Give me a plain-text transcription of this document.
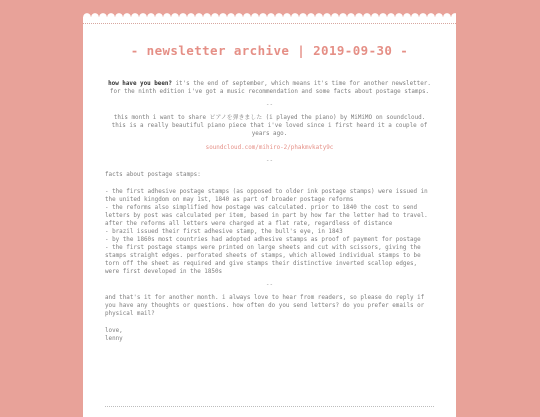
- newsletter archive | 2019-09-30 -

how have you been? it's the end of september, which means it's time for another newsletter. for the ninth edition i've got a music recommendation and some facts about postage stamps.

--

this month i want to share ピアノを弾きました (i played the piano) by MiMiMO on soundcloud. this is a really beautiful piano piece that i've loved since i first heard it a couple of years ago.

soundcloud.com/mihiro-2/phakmvkaty9c

--

facts about postage stamps:

- the first adhesive postage stamps (as opposed to older ink postage stamps) were issued in the united kingdom on may 1st, 1840 as part of broader postage reforms

- the reforms also simplified how postage was calculated. prior to 1840 the cost to send letters by post was calculated per item, based in part by how far the letter had to travel. after the reforms all letters were charged at a flat rate, regardless of distance

- brazil issued their first adhesive stamp, the bull's eye, in 1843

- by the 1860s most countries had adopted adhesive stamps as proof of payment for postage

- the first postage stamps were printed on large sheets and cut with scissors, giving the stamps straight edges. perforated sheets of stamps, which allowed individual stamps to be torn off the sheet as required and give stamps their distinctive inverted scallop edges, were first developed in the 1850s

--

and that's it for another month. i always love to hear from readers, so please do reply if you have any thoughts or questions. how often do you send letters? do you prefer emails or physical mail?

love,

lenny
